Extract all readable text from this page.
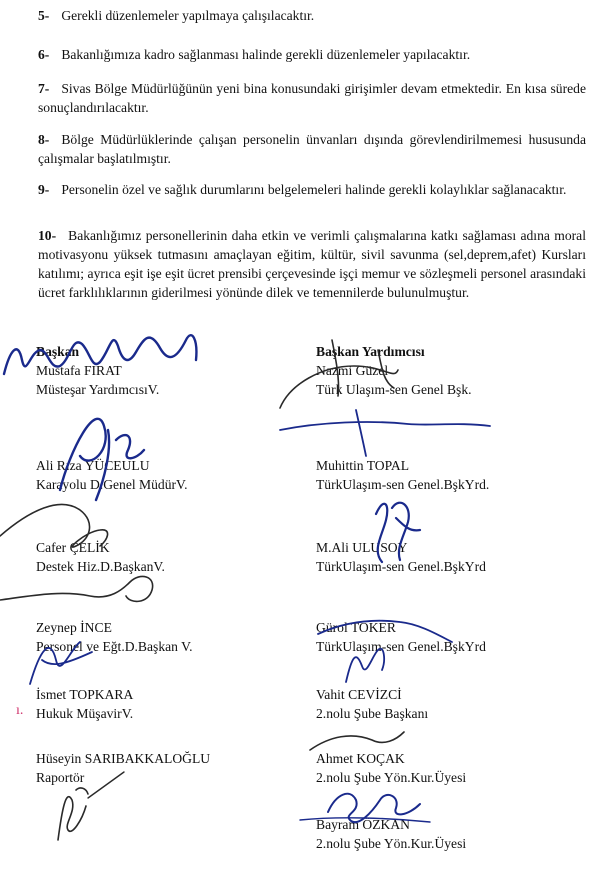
5- Gerekli düzenlemeler yapılmaya çalışılacaktır.
6- Bakanlığımıza kadro sağlanması halinde gerekli düzenlemeler yapılacaktır.
7- Sivas Bölge Müdürlüğünün yeni bina konusundaki girişimler devam etmektedir. En kısa sürede sonuçlandırılacaktır.
8- Bölge Müdürlüklerinde çalışan personelin ünvanları dışında görevlendirilmemesi hususunda çalışmalar başlatılmıştır.
9- Personelin özel ve sağlık durumlarını belgelemeleri halinde gerekli kolaylıklar sağlanacaktır.
10- Bakanlığımız personellerinin daha etkin ve verimli çalışmalarına katkı sağlaması adına moral motivasyonu yüksek tutmasını amaçlayan eğitim, kültür, sivil savunma (sel,deprem,afet) Kursları katılımı; ayrıca eşit işe eşit ücret prensibi çerçevesinde işçi memur ve sözleşmeli personel arasındaki ücret farklılıklarının giderilmesi yönünde dilek ve temennilerde bulunulmuştur.
Başkan
Mustafa FIRAT
Müsteşar YardımcısıV.
Ali Rıza YÜCEULU
Karayolu D.Genel MüdürV.
Cafer ÇELİK
Destek Hiz.D.BaşkanV.
Zeynep İNCE
Personel ve Eğt.D.Başkan V.
İsmet TOPKARA
Hukuk MüşavirV.
Hüseyin SARIBAKKALOĞLU
Raportör
Başkan Yardımcısı
Nazmi Güzel
Türk Ulaşım-sen Genel Bşk.
Muhittin TOPAL
TürkUlaşım-sen Genel.BşkYrd.
M.Ali ULUSOY
TürkUlaşım-sen Genel.BşkYrd
Gürol TOKER
TürkUlaşım-sen Genel.BşkYrd
Vahit CEVİZCİ
2.nolu Şube Başkanı
Ahmet KOÇAK
2.nolu Şube Yön.Kur.Üyesi
Bayram ÖZKAN
2.nolu Şube Yön.Kur.Üyesi
ı.
